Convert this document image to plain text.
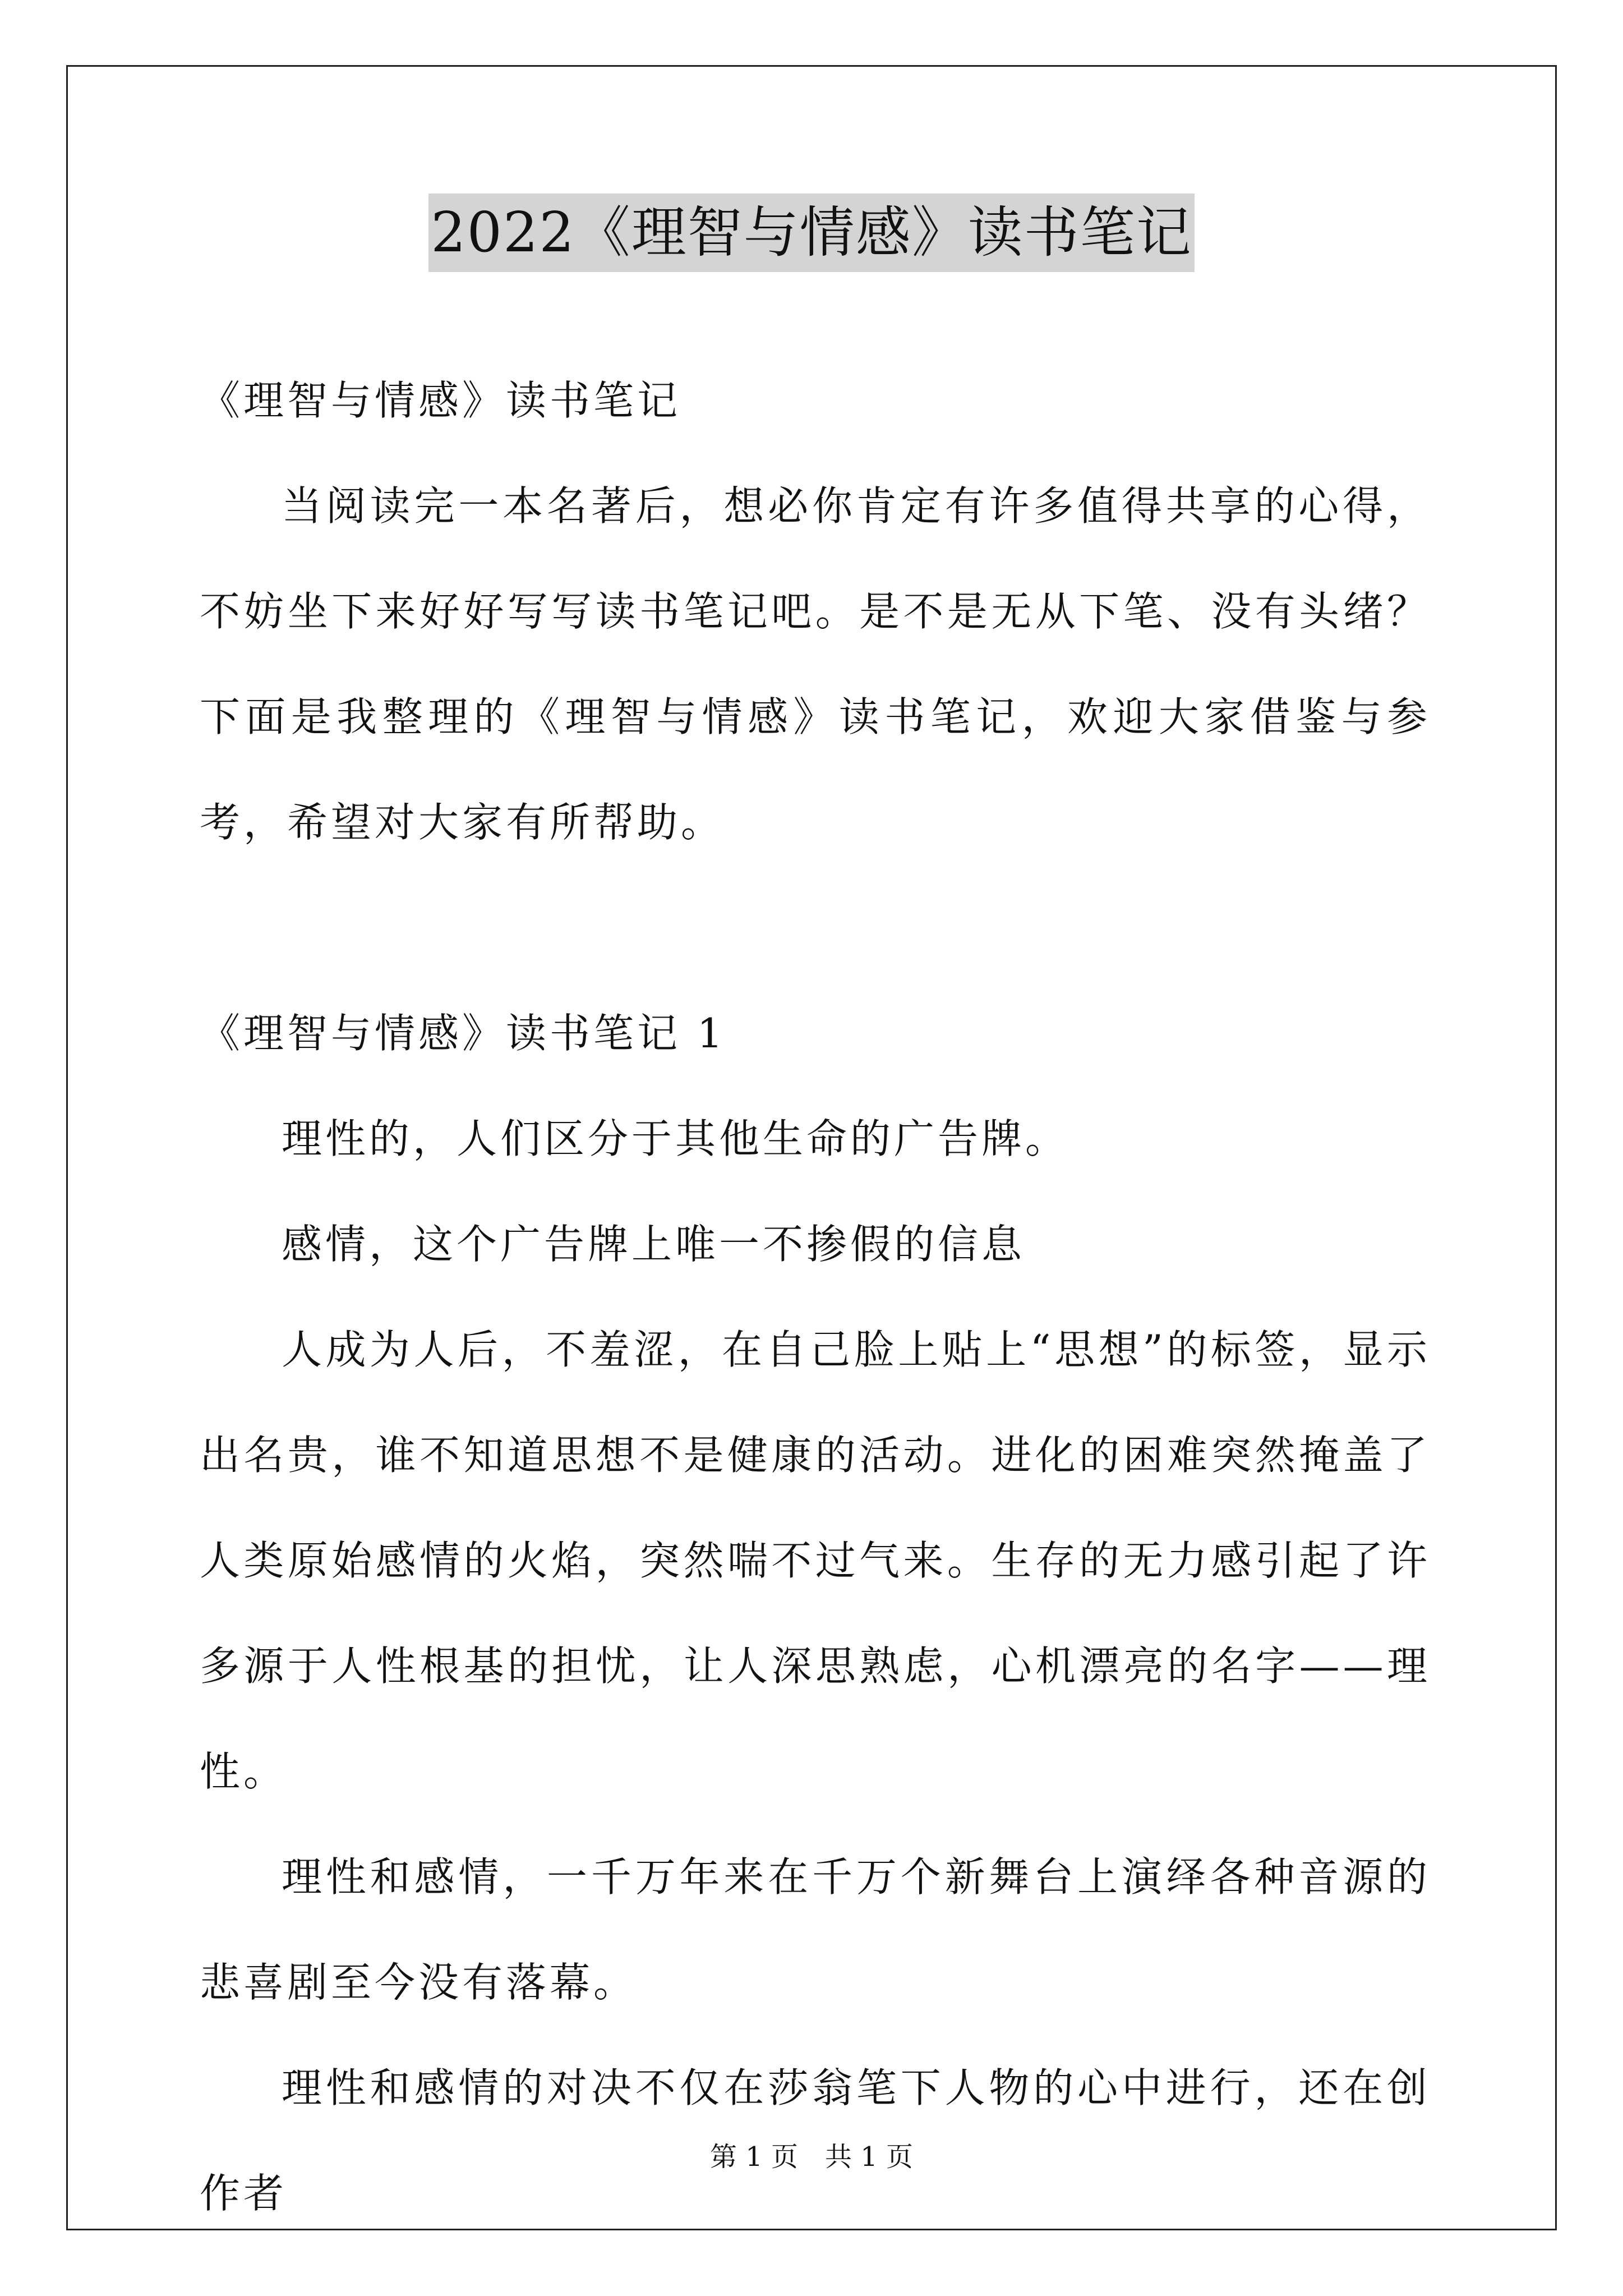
2022《理智与情感》读书笔记

《理智与情感》读书笔记

当阅读完一本名著后，想必你肯定有许多值得共享的心得，不妨坐下来好好写写读书笔记吧。是不是无从下笔、没有头绪？下面是我整理的《理智与情感》读书笔记，欢迎大家借鉴与参考，希望对大家有所帮助。

《理智与情感》读书笔记 1

理性的，人们区分于其他生命的广告牌。

感情，这个广告牌上唯一不掺假的信息

人成为人后，不羞涩，在自己脸上贴上“思想”的标签，显示出名贵，谁不知道思想不是健康的活动。进化的困难突然掩盖了人类原始感情的火焰，突然喘不过气来。生存的无力感引起了许多源于人性根基的担忧，让人深思熟虑，心机漂亮的名字——理性。

理性和感情，一千万年来在千万个新舞台上演绎各种音源的悲喜剧至今没有落幕。

理性和感情的对决不仅在莎翁笔下人物的心中进行，还在创作者

第 1 页　共 1 页
